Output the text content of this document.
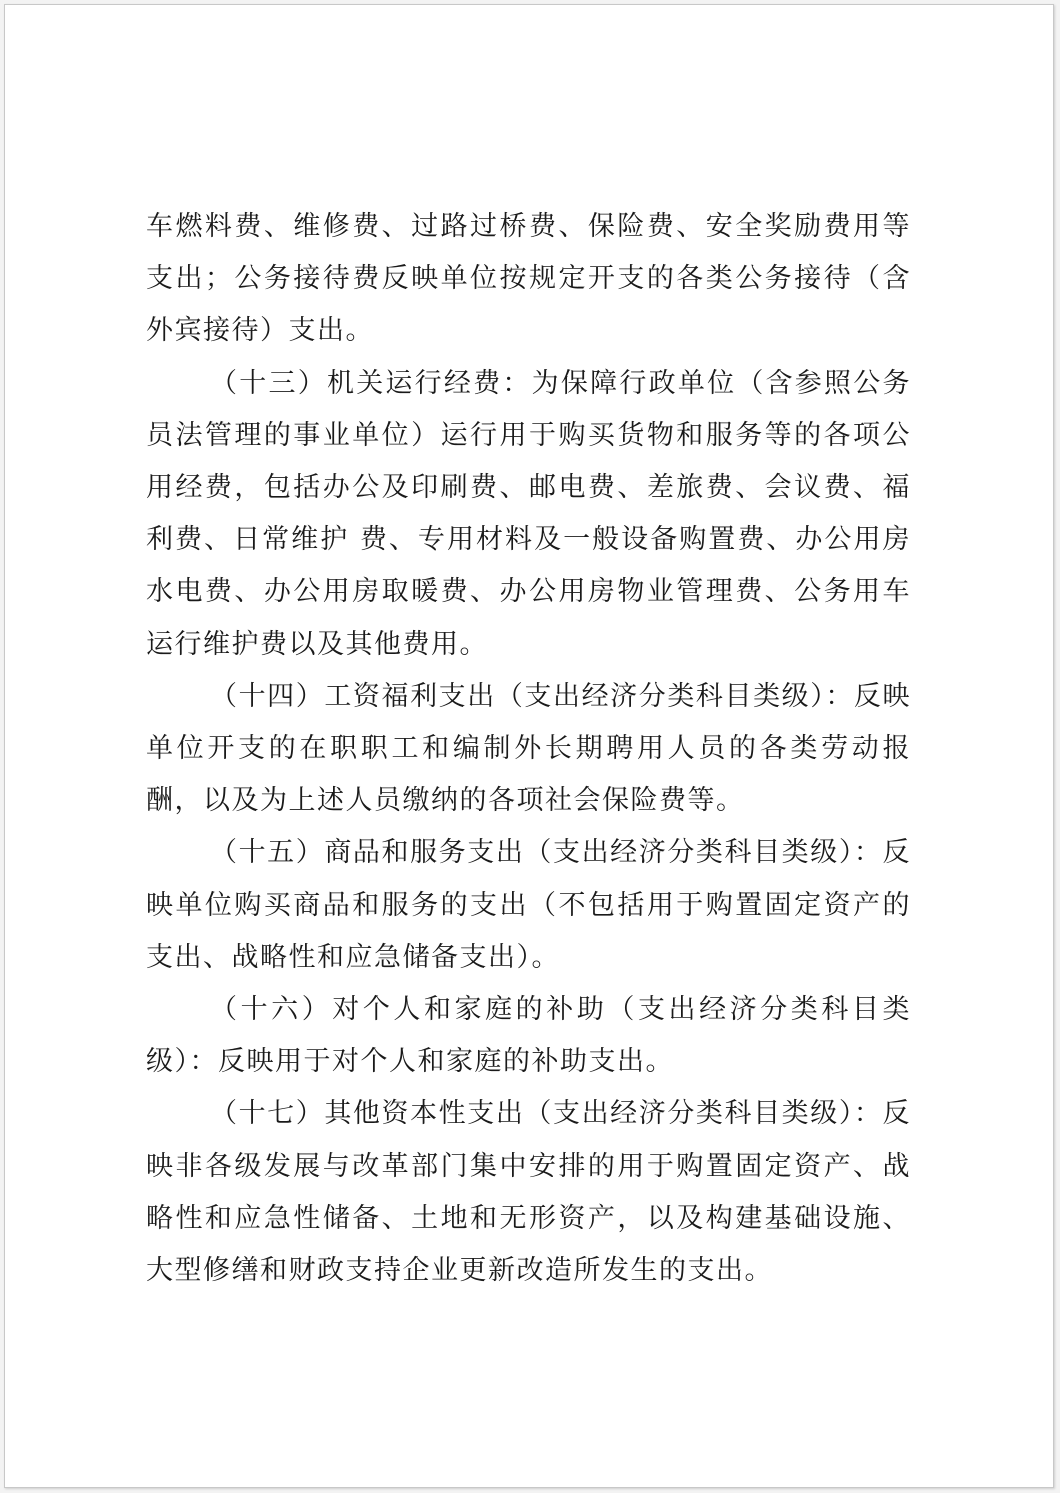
车燃料费、维修费、过路过桥费、保险费、安全奖励费用等支出；公务接待费反映单位按规定开支的各类公务接待（含外宾接待）支出。

（十三）机关运行经费：为保障行政单位（含参照公务员法管理的事业单位）运行用于购买货物和服务等的各项公用经费，包括办公及印刷费、邮电费、差旅费、会议费、福利费、日常维护 费、专用材料及一般设备购置费、办公用房水电费、办公用房取暖费、办公用房物业管理费、公务用车运行维护费以及其他费用。

（十四）工资福利支出（支出经济分类科目类级）：反映单位开支的在职职工和编制外长期聘用人员的各类劳动报酬，以及为上述人员缴纳的各项社会保险费等。

（十五）商品和服务支出（支出经济分类科目类级）：反映单位购买商品和服务的支出（不包括用于购置固定资产的支出、战略性和应急储备支出）。

（十六）对个人和家庭的补助（支出经济分类科目类级）：反映用于对个人和家庭的补助支出。

（十七）其他资本性支出（支出经济分类科目类级）：反映非各级发展与改革部门集中安排的用于购置固定资产、战略性和应急性储备、土地和无形资产，以及构建基础设施、大型修缮和财政支持企业更新改造所发生的支出。
